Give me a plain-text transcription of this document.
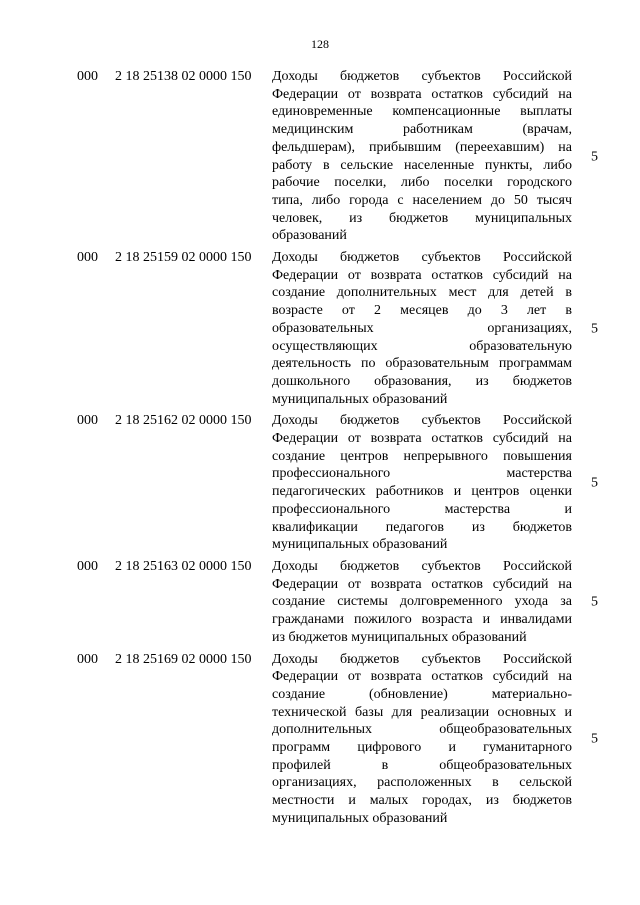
128
000 2 18 25138 02 0000 150 Доходы бюджетов субъектов Российской
Федерации от возврата остатков субсидий на
единовременные компенсационные выплаты
медицинским работникам (врачам,
фельдшерам), прибывшим (переехавшим) на
работу в сельские населенные пункты, либо
рабочие поселки, либо поселки городского
типа, либо города с населением до 50 тысяч
человек, из бюджетов муниципальных
образований
5
000 2 18 25159 02 0000 150 Доходы бюджетов субъектов Российской
Федерации от возврата остатков субсидий на
создание дополнительных мест для детей в
возрасте от 2 месяцев до 3 лет в
образовательных организациях,
осуществляющих образовательную
деятельность по образовательным программам
дошкольного образования, из бюджетов
муниципальных образований
5
000 2 18 25162 02 0000 150 Доходы бюджетов субъектов Российской
Федерации от возврата остатков субсидий на
создание центров непрерывного повышения
профессионального мастерства
педагогических работников и центров оценки
профессионального мастерства и
квалификации педагогов из бюджетов
муниципальных образований
5
000 2 18 25163 02 0000 150 Доходы бюджетов субъектов Российской
Федерации от возврата остатков субсидий на
создание системы долговременного ухода за
гражданами пожилого возраста и инвалидами
из бюджетов муниципальных образований
5
000 2 18 25169 02 0000 150 Доходы бюджетов субъектов Российской
Федерации от возврата остатков субсидий на
создание (обновление) материально-
технической базы для реализации основных и
дополнительных общеобразовательных
программ цифрового и гуманитарного
профилей в общеобразовательных
организациях, расположенных в сельской
местности и малых городах, из бюджетов
муниципальных образований
5
